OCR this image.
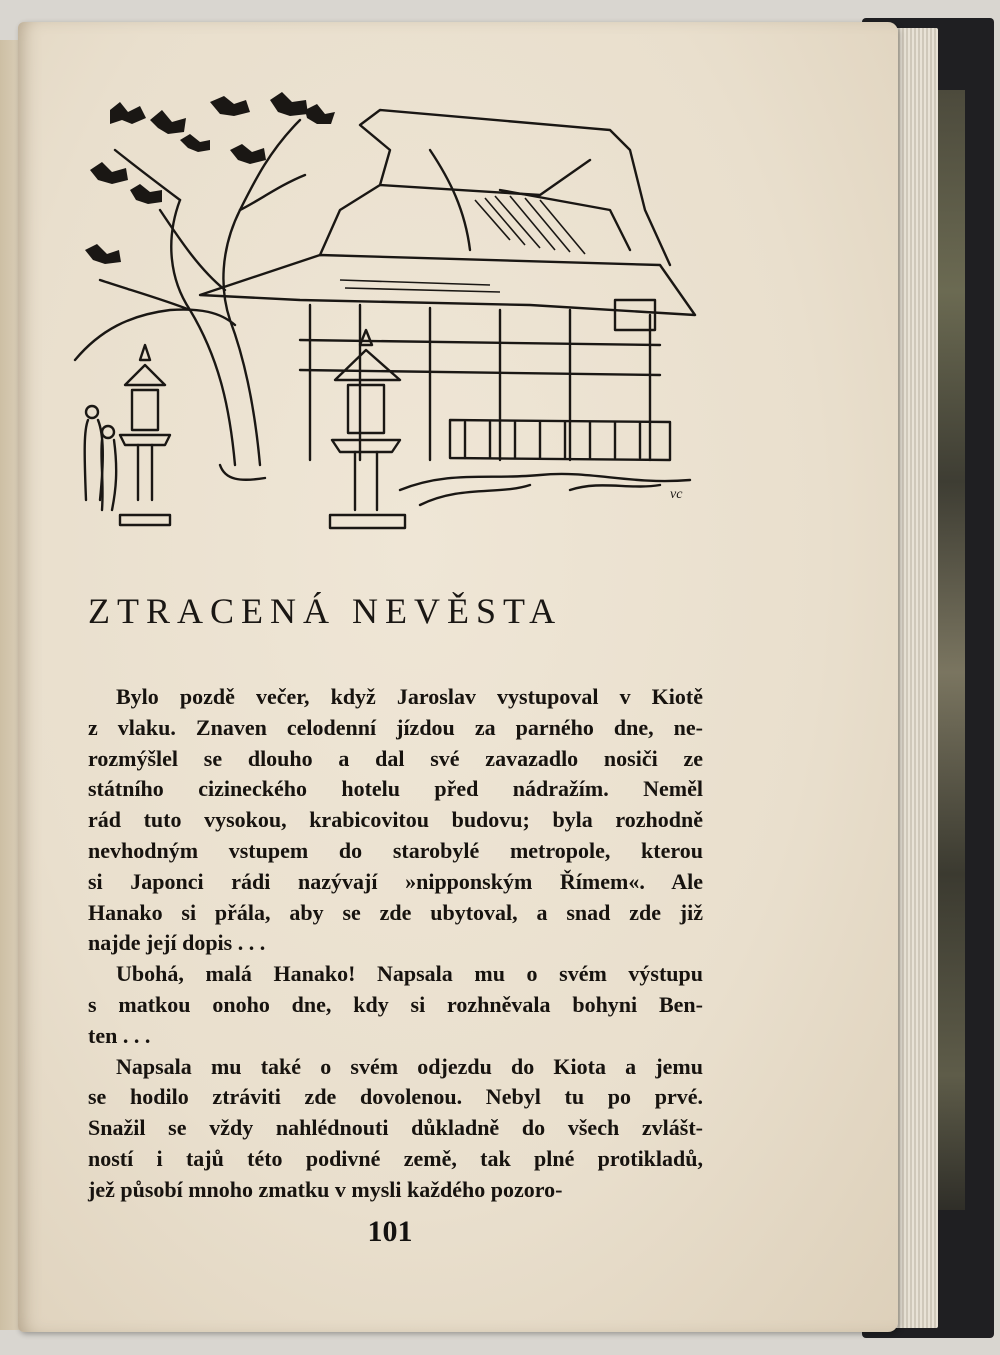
vc
ZTRACENÁ NEVĚSTA
Bylo pozdě večer, když Jaroslav vystupoval v Kiotě
z vlaku. Znaven celodenní jízdou za parného dne, ne-
rozmýšlel se dlouho a dal své zavazadlo nosiči ze
státního cizineckého hotelu před nádražím. Neměl
rád tuto vysokou, krabicovitou budovu; byla rozhodně
nevhodným vstupem do starobylé metropole, kterou
si Japonci rádi nazývají »nipponským Římem«. Ale
Hanako si přála, aby se zde ubytoval, a snad zde již
najde její dopis . . .
Ubohá, malá Hanako! Napsala mu o svém výstupu
s matkou onoho dne, kdy si rozhněvala bohyni Ben-
ten . . .
Napsala mu také o svém odjezdu do Kiota a jemu
se hodilo ztráviti zde dovolenou. Nebyl tu po prvé.
Snažil se vždy nahlédnouti důkladně do všech zvlášt-
ností i tajů této podivné země, tak plné protikladů,
jež působí mnoho zmatku v mysli každého pozoro-
101
